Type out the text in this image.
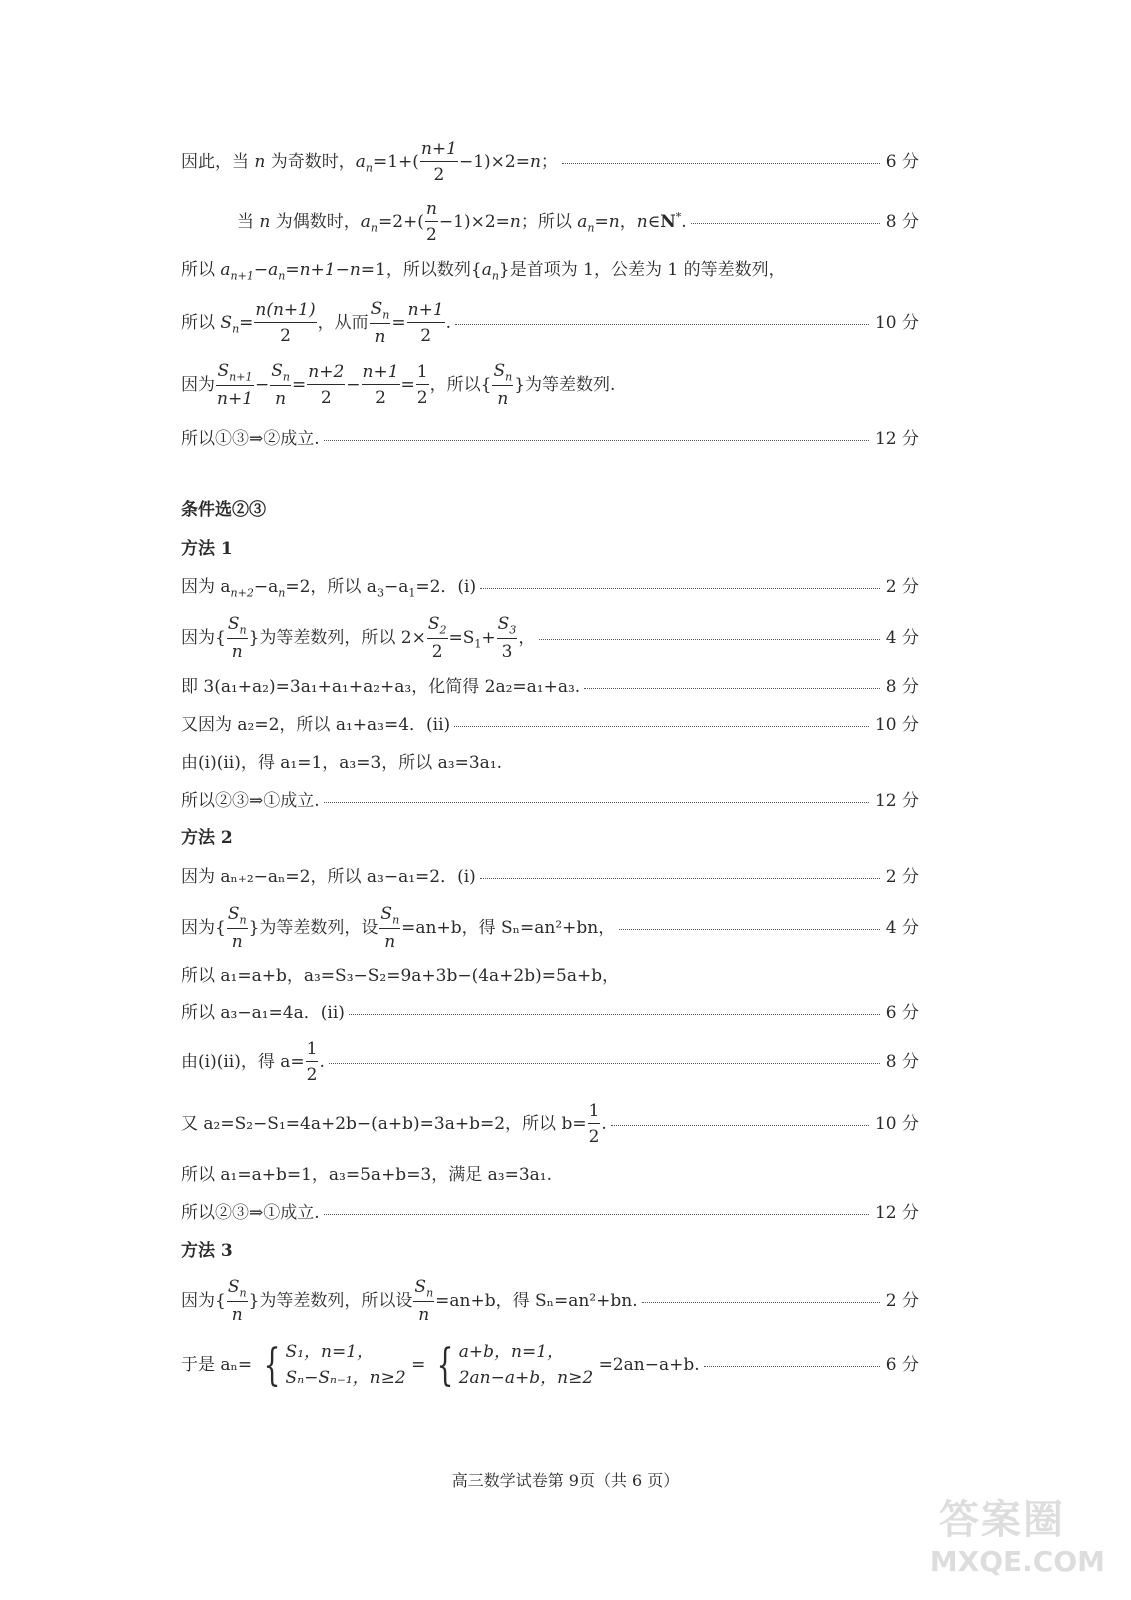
因此，当 n 为奇数时，$a_n=1+( \frac{n+1}{2} -1)\times 2=n$；	6 分
当 n 为偶数时，$a_n=2+( \frac{n}{2} -1)\times 2=n$；所以 $a_n=n$，n∈N*.	8 分
所以 $a_{n+1}-a_n=n+1-n=1$，所以数列$\{a_n\}$是首项为 1，公差为 1 的等差数列，
所以 $S_n= \frac{n(n+1)}{2}$ ，从而 $\frac{S_n}{n} = \frac{n+1}{2}$ .	10 分
因为 $\frac{S_{n+1}}{n+1} - \frac{S_n}{n} = \frac{n+2}{2} - \frac{n+1}{2} = \frac{1}{2}$ ，所以{ $\frac{S_n}{n}$ }为等差数列.
所以①③⇒②成立.	12 分
条件选②③
方法 1
因为 $a_{n+2}-a_n=2$，所以 $a_3-a_1=2$．(i)	2 分
因为{ $\frac{S_n}{n}$ }为等差数列，所以 $2\times \frac{S_2}{2} =S_1+ \frac{S_3}{3}$ ，	4 分
即 3(a₁+a₂)=3a₁+a₁+a₂+a₃，化简得 2a₂=a₁+a₃.	8 分
又因为 a₂=2，所以 a₁+a₃=4．(ii)	10 分
由(i)(ii)，得 a₁=1，a₃=3，所以 a₃=3a₁.
所以②③⇒①成立.	12 分
方法 2
因为 aₙ₊₂−aₙ=2，所以 a₃−a₁=2．(i)	2 分
因为{ $\frac{S_n}{n}$ }为等差数列，设 $\frac{S_n}{n} =an+b$，得 Sₙ=an²+bn，	4 分
所以 a₁=a+b，a₃=S₃−S₂=9a+3b−(4a+2b)=5a+b，
所以 a₃−a₁=4a．(ii)	6 分
由(i)(ii)，得 $a= \frac{1}{2}$ .	8 分
又 a₂=S₂−S₁=4a+2b−(a+b)=3a+b=2，所以 $b= \frac{1}{2}$ .	10 分
所以 a₁=a+b=1，a₃=5a+b=3，满足 a₃=3a₁.
所以②③⇒①成立.	12 分
方法 3
因为{ $\frac{S_n}{n}$ }为等差数列，所以设 $\frac{S_n}{n} =an+b$，得 Sₙ=an²+bn.	2 分
于是 aₙ= { S₁，n=1，
Sₙ−Sₙ₋₁，n≥2
= { a+b，n=1，
2an−a+b，n≥2
=2an−a+b.	6 分
高三数学试卷第 9页（共 6 页）
答案圈
MXQE.COM
